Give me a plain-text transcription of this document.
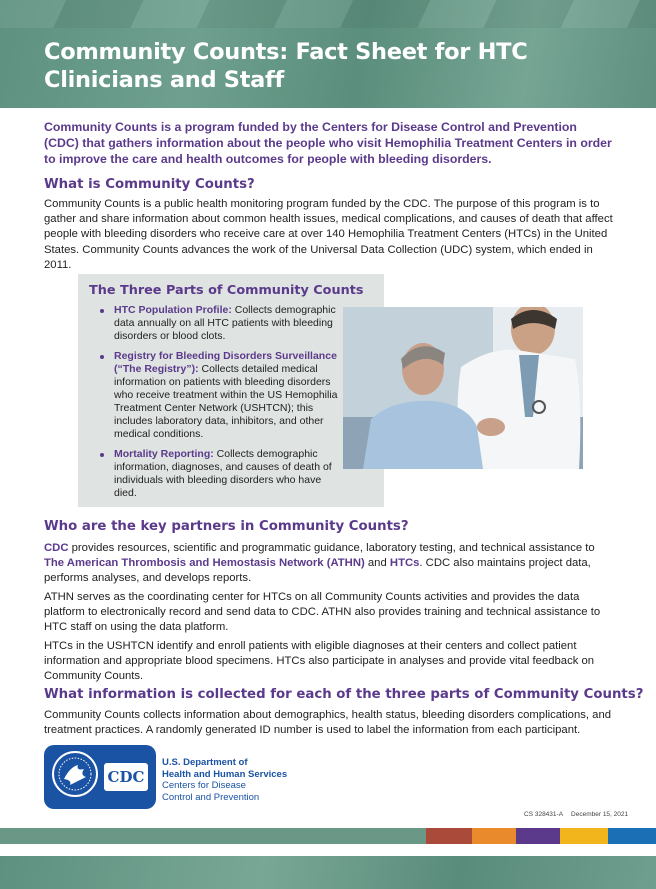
Community Counts: Fact Sheet for HTC Clinicians and Staff

Community Counts is a program funded by the Centers for Disease Control and Prevention (CDC) that gathers information about the people who visit Hemophilia Treatment Centers in order to improve the care and health outcomes for people with bleeding disorders.

What is Community Counts?

Community Counts is a public health monitoring program funded by the CDC. The purpose of this program is to gather and share information about common health issues, medical complications, and causes of death that affect people with bleeding disorders who receive care at over 140 Hemophilia Treatment Centers (HTCs) in the United States. Community Counts advances the work of the Universal Data Collection (UDC) system, which ended in 2011.

The Three Parts of Community Counts
HTC Population Profile: Collects demographic data annually on all HTC patients with bleeding disorders or blood clots.
Registry for Bleeding Disorders Surveillance (“The Registry”): Collects detailed medical information on patients with bleeding disorders who receive treatment within the US Hemophilia Treatment Center Network (USHTCN); this includes laboratory data, inhibitors, and other medical conditions.
Mortality Reporting: Collects demographic information, diagnoses, and causes of death of individuals with bleeding disorders who have died.
Who are the key partners in Community Counts?

CDC provides resources, scientific and programmatic guidance, laboratory testing, and technical assistance to The American Thrombosis and Hemostasis Network (ATHN) and HTCs. CDC also maintains project data, performs analyses, and develops reports.

ATHN serves as the coordinating center for HTCs on all Community Counts activities and provides the data platform to electronically record and send data to CDC. ATHN also provides training and technical assistance to HTC staff on using the data platform.

HTCs in the USHTCN identify and enroll patients with eligible diagnoses at their centers and collect patient information and appropriate blood specimens. HTCs also participate in analyses and provide vital feedback on Community Counts.

What information is collected for each of the three parts of Community Counts?

Community Counts collects information about demographics, health status, bleeding disorders complications, and treatment practices. A randomly generated ID number is used to label the information from each participant.

CDC
U.S. Department of
Health and Human Services
Centers for Disease
Control and Prevention
CS 328431-A December 15, 2021
